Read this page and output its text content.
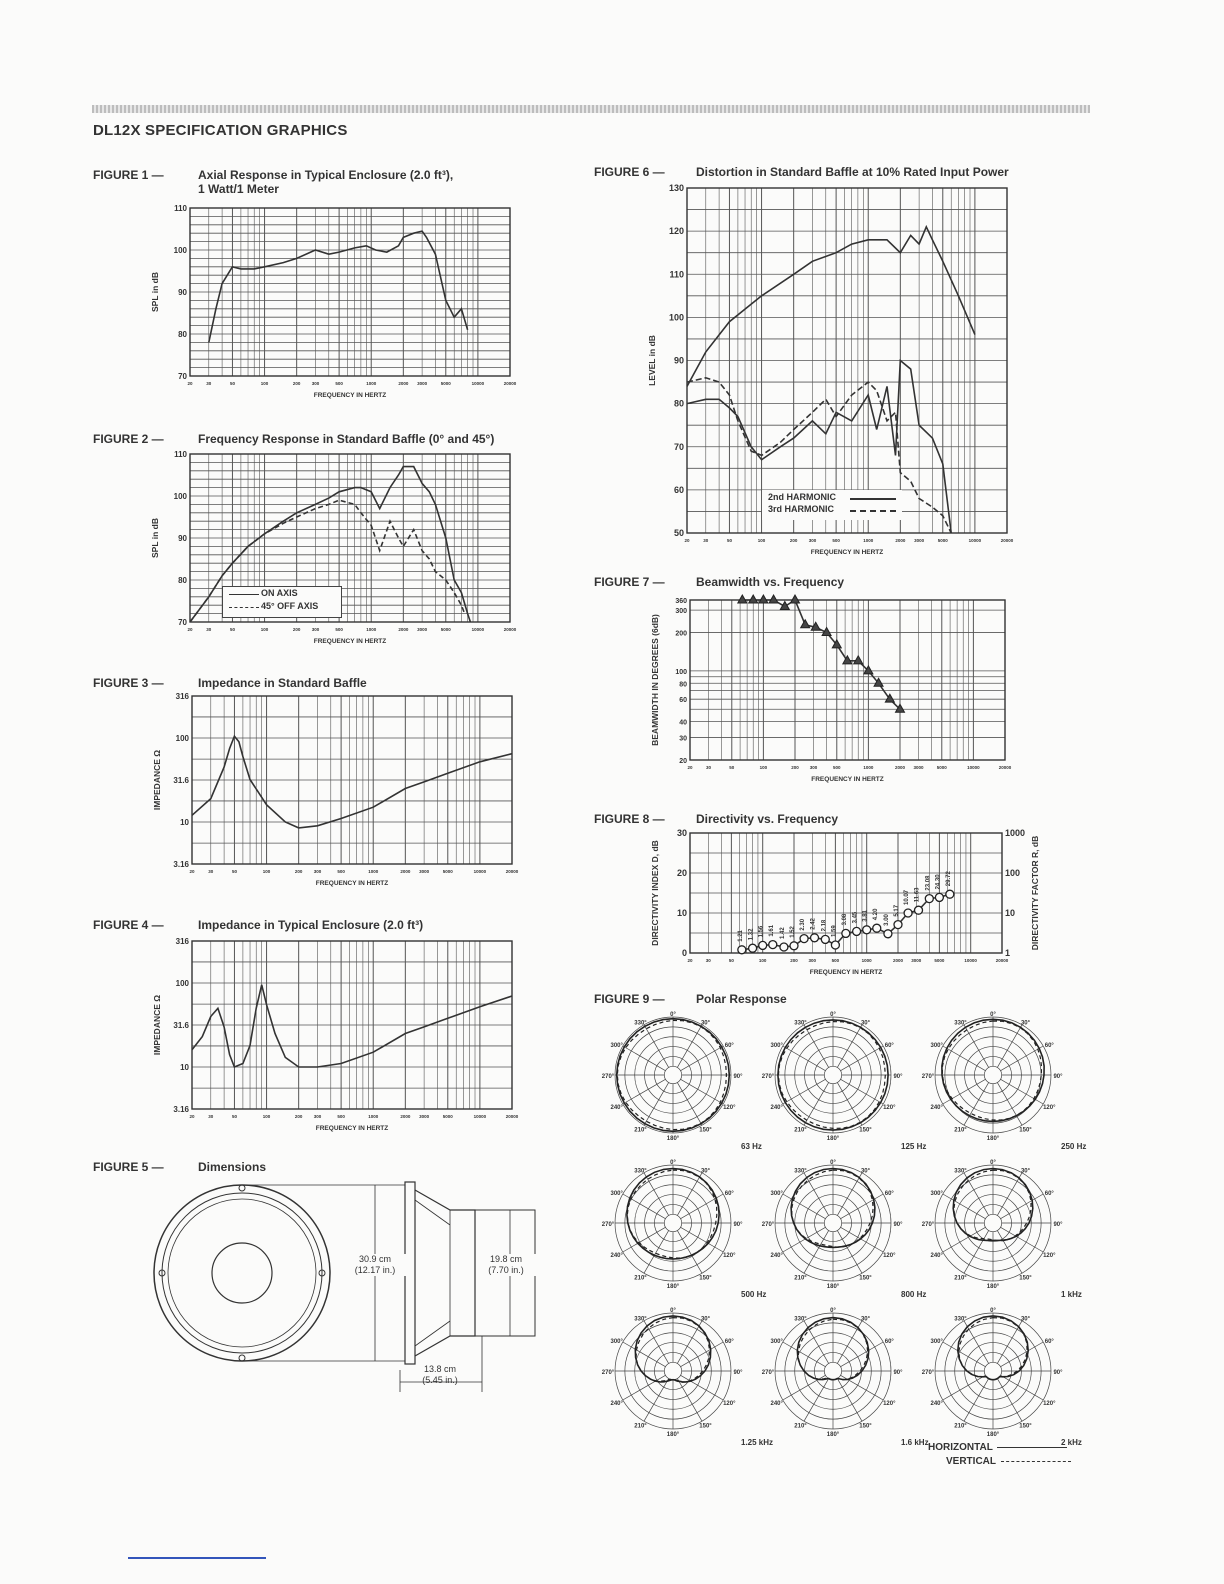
DL12X SPECIFICATION GRAPHICS
FIGURE 1 —	Axial Response in Typical Enclosure (2.0 ft³),
1 Watt/1 Meter
FIGURE 2 —	Frequency Response in Standard Baffle (0° and 45°)
FIGURE 3 —	Impedance in Standard Baffle
FIGURE 4 —	Impedance in Typical Enclosure (2.0 ft³)
FIGURE 5 —	Dimensions
FIGURE 6 —	Distortion in Standard Baffle at 10% Rated Input Power
FIGURE 7 —	Beamwidth vs. Frequency
FIGURE 8 —	Directivity vs. Frequency
FIGURE 9 —	Polar Response
70
80
90
100
110
20	30	50	100	200	300	500	1000	2000 3000	5000	10000	20000
FREQUENCY IN HERTZ
SPL in dB
70
80
90
100
110
20	30	50	100	200	300	500	1000	2000 3000	5000	10000	20000
FREQUENCY IN HERTZ
SPL in dB
3.16
10
31.6
100
316
20	30	50	100	200	300	500	1000	2000 3000	5000	10000	20000
FREQUENCY IN HERTZ
IMPEDANCE Ω
3.16
10
31.6
100
316
20	30	50	100	200	300	500	1000	2000 3000	5000	10000	20000
FREQUENCY IN HERTZ
IMPEDANCE Ω
50
60
70
80
90
100
110
120
130
20	30	50	100	200	300	500	1000	2000 3000	5000	10000	20000
FREQUENCY IN HERTZ
LEVEL in dB
20
30
40
60
80
100
200
300
360
20	30	50	100	200 300	500	1000	2000 3000	5000	10000	20000
FREQUENCY IN HERTZ
BEAMWIDTH IN DEGREES (6dB)
0
10
20
30
20	30	50	100	200 300	500	1000	2000 3000	5000	10000	20000
FREQUENCY IN HERTZ
DIRECTIVITY INDEX D, dB
1
10
100
1000
DIRECTIVITY FACTOR R, dB
1.21 1.32 1.56 1.61 1.42 1.52
2.30 2.42 2.18 1.59
3.08 3.45 3.81 4.20 3.00
5.17
10.07 11.63
23.08 24.30 29.72
2nd HARMONIC
3rd HARMONIC
ON AXIS
45° OFF AXIS
30.9 cm
(12.17 in.)
19.8 cm
(7.70 in.)
13.8 cm
(5.45 in.)
0°
30°
60°
90°
120°
150°
180°
210°
240°
270°
300°
330°
63 Hz
0°
30°
60°
90°
120°
150°
180°
210°
240°
270°
300°
330°
125 Hz
0°
30°
60°
90°
120°
150°
180°
210°
240°
270°
300°
330°
250 Hz
0°
30°
60°
90°
120°
150°
180°
210°
240°
270°
300°
330°
500 Hz
0°
30°
60°
90°
120°
150°
180°
210°
240°
270°
300°
330°
800 Hz
0°
30°
60°
90°
120°
150°
180°
210°
240°
270°
300°
330°
1 kHz
0°
30°
60°
90°
120°
150°
180°
210°
240°
270°
300°
330°
1.25 kHz
0°
30°
60°
90°
120°
150°
180°
210°
240°
270°
300°
330°
1.6 kHz
0°
30°
60°
90°
120°
150°
180°
210°
240°
270°
300°
330°
2 kHz
HORIZONTAL
VERTICAL
